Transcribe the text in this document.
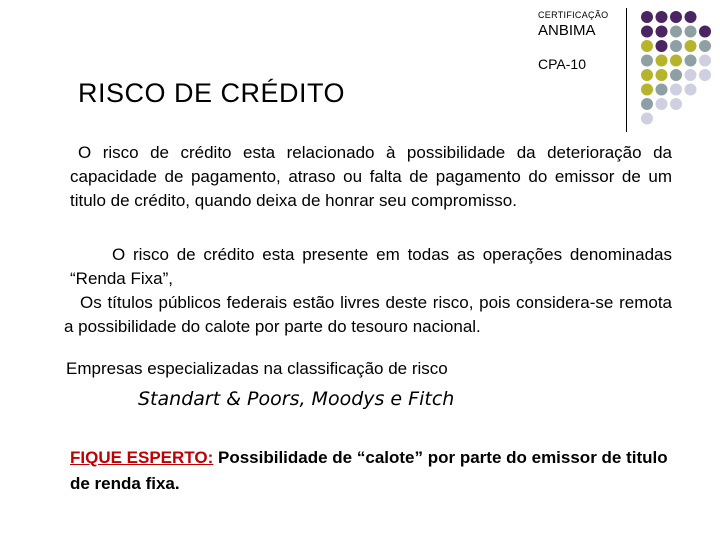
CERTIFICAÇÃO
ANBIMA
CPA-10
RISCO DE CRÉDITO
O risco de crédito esta relacionado à possibilidade da deterioração da capacidade de pagamento, atraso ou falta de pagamento do emissor de um titulo de crédito, quando deixa de honrar seu compromisso.
O risco de crédito esta presente em todas as operações denominadas “Renda Fixa”,
Os títulos públicos federais estão livres deste risco, pois considera-se remota a possibilidade do calote por parte do tesouro nacional.
Empresas especializadas na classificação de risco
Standart & Poors, Moodys e Fitch
FIQUE ESPERTO: Possibilidade de “calote” por parte do emissor de titulo de renda fixa.
